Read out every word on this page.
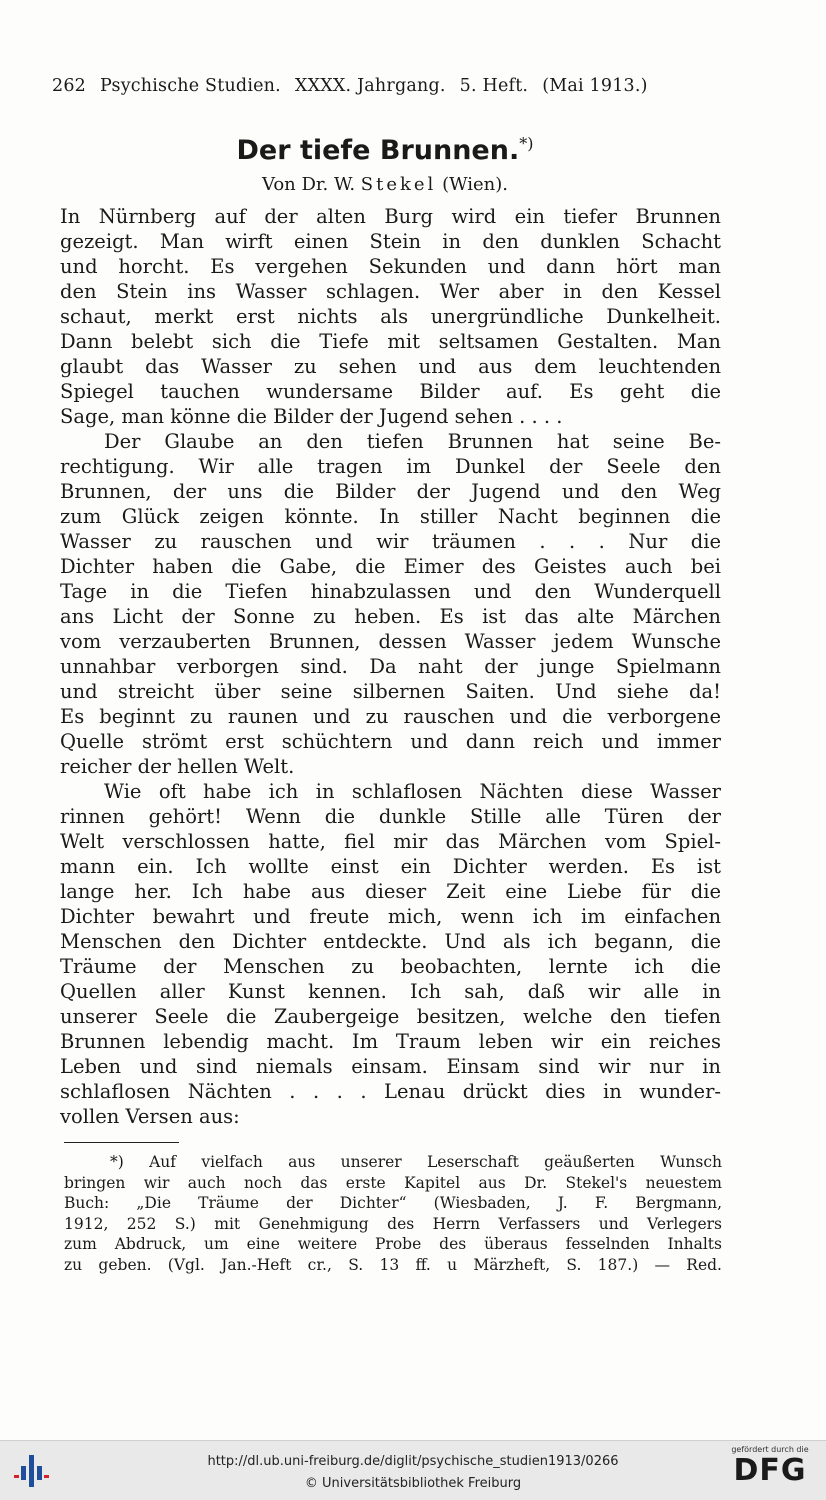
262 Psychische Studien. XXXX. Jahrgang. 5. Heft. (Mai 1913.)
Der tiefe Brunnen.*)
Von Dr. W. Stekel (Wien).
In Nürnberg auf der alten Burg wird ein tiefer Brunnen
gezeigt. Man wirft einen Stein in den dunklen Schacht
und horcht. Es vergehen Sekunden und dann hört man
den Stein ins Wasser schlagen. Wer aber in den Kessel
schaut, merkt erst nichts als unergründliche Dunkelheit.
Dann belebt sich die Tiefe mit seltsamen Gestalten. Man
glaubt das Wasser zu sehen und aus dem leuchtenden
Spiegel tauchen wundersame Bilder auf. Es geht die
Sage, man könne die Bilder der Jugend sehen . . . .
Der Glaube an den tiefen Brunnen hat seine Be-
rechtigung. Wir alle tragen im Dunkel der Seele den
Brunnen, der uns die Bilder der Jugend und den Weg
zum Glück zeigen könnte. In stiller Nacht beginnen die
Wasser zu rauschen und wir träumen . . . Nur die
Dichter haben die Gabe, die Eimer des Geistes auch bei
Tage in die Tiefen hinabzulassen und den Wunderquell
ans Licht der Sonne zu heben. Es ist das alte Märchen
vom verzauberten Brunnen, dessen Wasser jedem Wunsche
unnahbar verborgen sind. Da naht der junge Spielmann
und streicht über seine silbernen Saiten. Und siehe da!
Es beginnt zu raunen und zu rauschen und die verborgene
Quelle strömt erst schüchtern und dann reich und immer
reicher der hellen Welt.
Wie oft habe ich in schlaflosen Nächten diese Wasser
rinnen gehört! Wenn die dunkle Stille alle Türen der
Welt verschlossen hatte, fiel mir das Märchen vom Spiel-
mann ein. Ich wollte einst ein Dichter werden. Es ist
lange her. Ich habe aus dieser Zeit eine Liebe für die
Dichter bewahrt und freute mich, wenn ich im einfachen
Menschen den Dichter entdeckte. Und als ich begann, die
Träume der Menschen zu beobachten, lernte ich die
Quellen aller Kunst kennen. Ich sah, daß wir alle in
unserer Seele die Zaubergeige besitzen, welche den tiefen
Brunnen lebendig macht. Im Traum leben wir ein reiches
Leben und sind niemals einsam. Einsam sind wir nur in
schlaflosen Nächten . . . . Lenau drückt dies in wunder-
vollen Versen aus:
*) Auf vielfach aus unserer Leserschaft geäußerten Wunsch
bringen wir auch noch das erste Kapitel aus Dr. Stekel's neuestem
Buch: „Die Träume der Dichter“ (Wiesbaden, J. F. Bergmann,
1912, 252 S.) mit Genehmigung des Herrn Verfassers und Verlegers
zum Abdruck, um eine weitere Probe des überaus fesselnden Inhalts
zu geben. (Vgl. Jan.-Heft cr., S. 13 ff. u Märzheft, S. 187.) — Red.
http://dl.ub.uni-freiburg.de/diglit/psychische_studien1913/0266
© Universitätsbibliothek Freiburg
gefördert durch die
DFG
